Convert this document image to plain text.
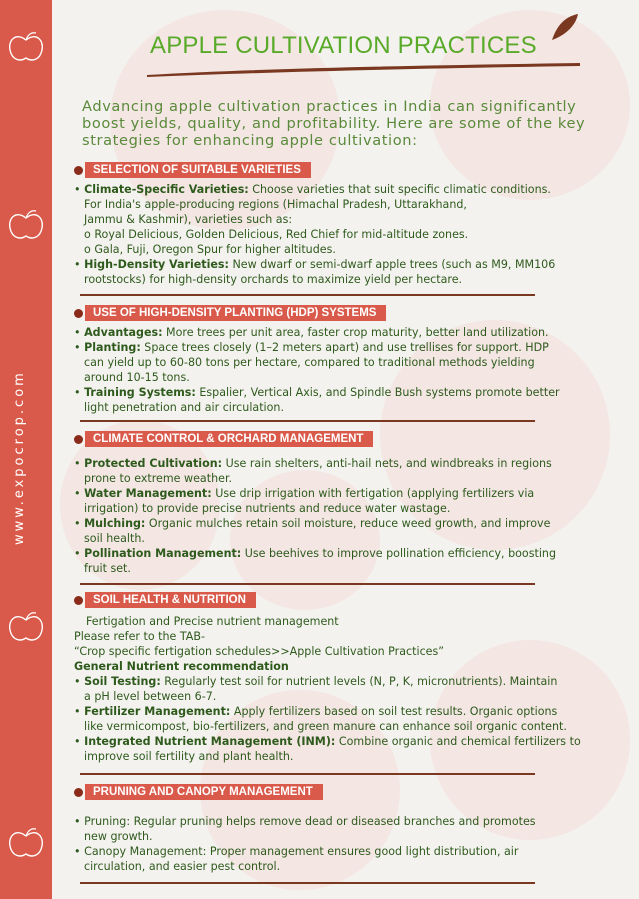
www.expocrop.com
APPLE CULTIVATION PRACTICES
Advancing apple cultivation practices in India can significantly boost yields, quality, and profitability. Here are some of the key strategies for enhancing apple cultivation:
SELECTION OF SUITABLE VARIETIES

• Climate-Specific Varieties: Choose varieties that suit specific climatic conditions.

For India's apple-producing regions (Himachal Pradesh, Uttarakhand,

Jammu & Kashmir), varieties such as:

o Royal Delicious, Golden Delicious, Red Chief for mid-altitude zones.

o Gala, Fuji, Oregon Spur for higher altitudes.

• High-Density Varieties: New dwarf or semi-dwarf apple trees (such as M9, MM106

rootstocks) for high-density orchards to maximize yield per hectare.

USE OF HIGH-DENSITY PLANTING (HDP) SYSTEMS

• Advantages: More trees per unit area, faster crop maturity, better land utilization.

• Planting: Space trees closely (1–2 meters apart) and use trellises for support. HDP

can yield up to 60-80 tons per hectare, compared to traditional methods yielding

around 10-15 tons.

• Training Systems: Espalier, Vertical Axis, and Spindle Bush systems promote better

light penetration and air circulation.

CLIMATE CONTROL & ORCHARD MANAGEMENT

• Protected Cultivation: Use rain shelters, anti-hail nets, and windbreaks in regions

prone to extreme weather.

• Water Management: Use drip irrigation with fertigation (applying fertilizers via

irrigation) to provide precise nutrients and reduce water wastage.

• Mulching: Organic mulches retain soil moisture, reduce weed growth, and improve

soil health.

• Pollination Management: Use beehives to improve pollination efficiency, boosting

fruit set.

SOIL HEALTH & NUTRITION

Fertigation and Precise nutrient management

Please refer to the TAB-

“Crop specific fertigation schedules>>Apple Cultivation Practices”

General Nutrient recommendation

• Soil Testing: Regularly test soil for nutrient levels (N, P, K, micronutrients). Maintain

a pH level between 6-7.

• Fertilizer Management: Apply fertilizers based on soil test results. Organic options

like vermicompost, bio-fertilizers, and green manure can enhance soil organic content.

• Integrated Nutrient Management (INM): Combine organic and chemical fertilizers to

improve soil fertility and plant health.

PRUNING AND CANOPY MANAGEMENT

• Pruning: Regular pruning helps remove dead or diseased branches and promotes

new growth.

• Canopy Management: Proper management ensures good light distribution, air

circulation, and easier pest control.
